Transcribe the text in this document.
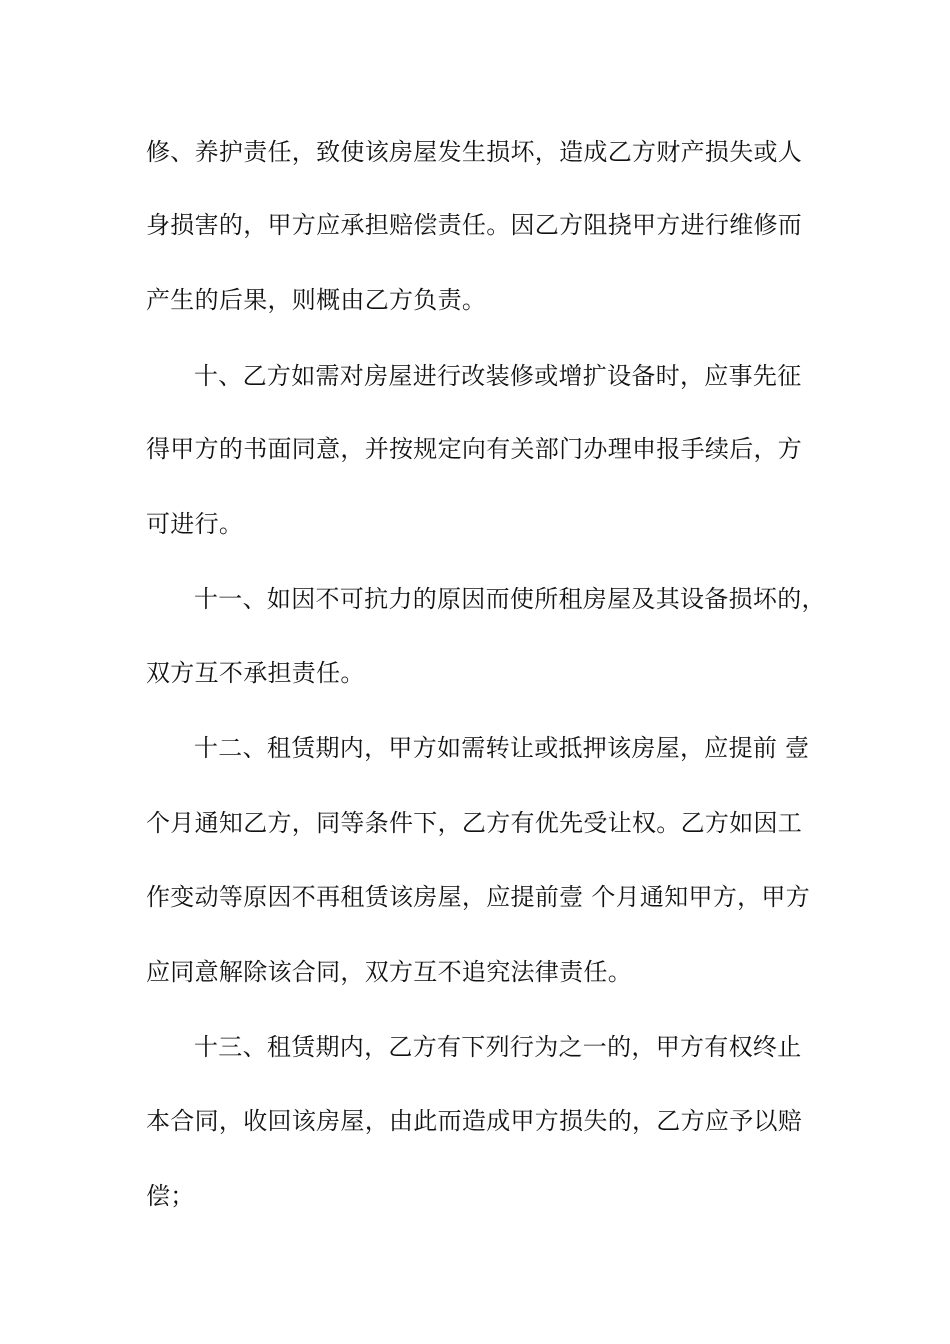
修、养护责任，致使该房屋发生损坏，造成乙方财产损失或人
身损害的，甲方应承担赔偿责任。因乙方阻挠甲方进行维修而
产生的后果，则概由乙方负责。
十、乙方如需对房屋进行改装修或增扩设备时，应事先征
得甲方的书面同意，并按规定向有关部门办理申报手续后，方
可进行。
十一、如因不可抗力的原因而使所租房屋及其设备损坏的，
双方互不承担责任。
十二、租赁期内，甲方如需转让或抵押该房屋，应提前 壹
个月通知乙方，同等条件下，乙方有优先受让权。乙方如因工
作变动等原因不再租赁该房屋，应提前壹 个月通知甲方，甲方
应同意解除该合同，双方互不追究法律责任。
十三、租赁期内，乙方有下列行为之一的，甲方有权终止
本合同，收回该房屋，由此而造成甲方损失的，乙方应予以赔
偿；
